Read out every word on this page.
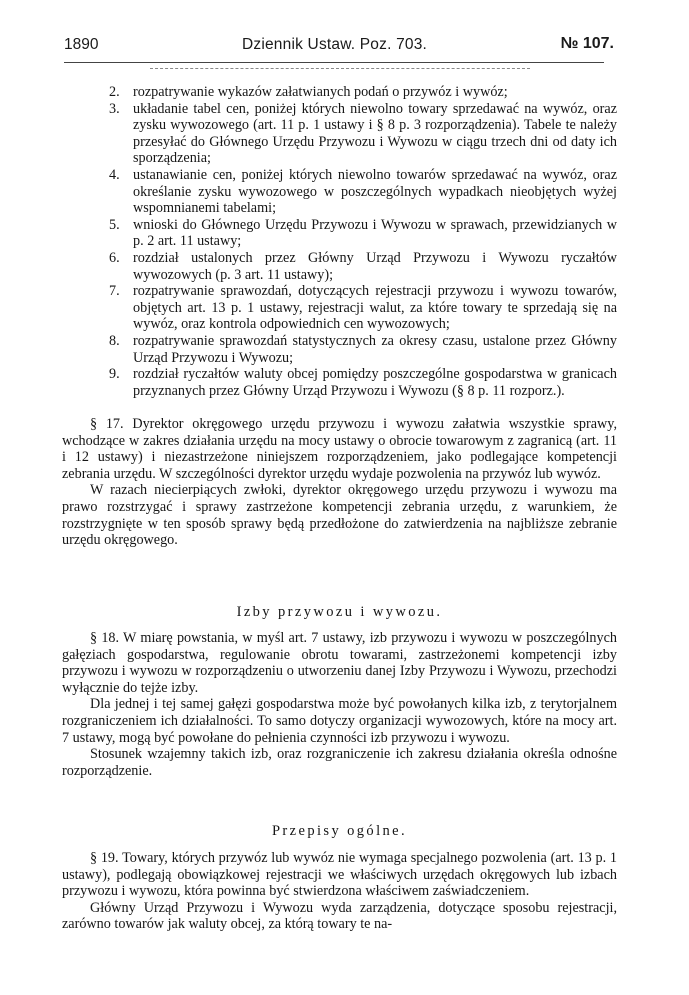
1890	Dziennik Ustaw. Poz. 703.	№ 107.

2. rozpatrywanie wykazów załatwianych podań o przywóz i wywóz;

3. układanie tabel cen, poniżej których niewolno towary sprzedawać na wywóz, oraz zysku wywozowego (art. 11 p. 1 ustawy i § 8 p. 3 rozporządzenia). Tabele te należy przesyłać do Głównego Urzędu Przywozu i Wywozu w ciągu trzech dni od daty ich sporządzenia;

4. ustanawianie cen, poniżej których niewolno towarów sprzedawać na wywóz, oraz określanie zysku wywozowego w poszczególnych wypadkach nieobjętych wyżej wspomnianemi tabelami;

5. wnioski do Głównego Urzędu Przywozu i Wywozu w sprawach, przewidzianych w p. 2 art. 11 ustawy;

6. rozdział ustalonych przez Główny Urząd Przywozu i Wywozu ryczałtów wywozowych (p. 3 art. 11 ustawy);

7. rozpatrywanie sprawozdań, dotyczących rejestracji przywozu i wywozu towarów, objętych art. 13 p. 1 ustawy, rejestracji walut, za które towary te sprzedają się na wywóz, oraz kontrola odpowiednich cen wywozowych;

8. rozpatrywanie sprawozdań statystycznych za okresy czasu, ustalone przez Główny Urząd Przywozu i Wywozu;

9. rozdział ryczałtów waluty obcej pomiędzy poszczególne gospodarstwa w granicach przyznanych przez Główny Urząd Przywozu i Wywozu (§ 8 p. 11 rozporz.).

§ 17. Dyrektor okręgowego urzędu przywozu i wywozu załatwia wszystkie sprawy, wchodzące w zakres działania urzędu na mocy ustawy o obrocie towarowym z zagranicą (art. 11 i 12 ustawy) i niezastrzeżone niniejszem rozporządzeniem, jako podlegające kompetencji zebrania urzędu. W szczególności dyrektor urzędu wydaje pozwolenia na przywóz lub wywóz.

W razach niecierpiących zwłoki, dyrektor okręgowego urzędu przywozu i wywozu ma prawo rozstrzygać i sprawy zastrzeżone kompetencji zebrania urzędu, z warunkiem, że rozstrzygnięte w ten sposób sprawy będą przedłożone do zatwierdzenia na najbliższe zebranie urzędu okręgowego.

Izby przywozu i wywozu.

§ 18. W miarę powstania, w myśl art. 7 ustawy, izb przywozu i wywozu w poszczególnych gałęziach gospodarstwa, regulowanie obrotu towarami, zastrzeżonemi kompetencji izby przywozu i wywozu w rozporządzeniu o utworzeniu danej Izby Przywozu i Wywozu, przechodzi wyłącznie do tejże izby.

Dla jednej i tej samej gałęzi gospodarstwa może być powołanych kilka izb, z terytorjalnem rozgraniczeniem ich działalności. To samo dotyczy organizacji wywozowych, które na mocy art. 7 ustawy, mogą być powołane do pełnienia czynności izb przywozu i wywozu.

Stosunek wzajemny takich izb, oraz rozgraniczenie ich zakresu działania określa odnośne rozporządzenie.

Przepisy ogólne.

§ 19. Towary, których przywóz lub wywóz nie wymaga specjalnego pozwolenia (art. 13 p. 1 ustawy), podlegają obowiązkowej rejestracji we właściwych urzędach okręgowych lub izbach przywozu i wywozu, która powinna być stwierdzona właściwem zaświadczeniem.

Główny Urząd Przywozu i Wywozu wyda zarządzenia, dotyczące sposobu rejestracji, zarówno towarów jak waluty obcej, za którą towary te na-
